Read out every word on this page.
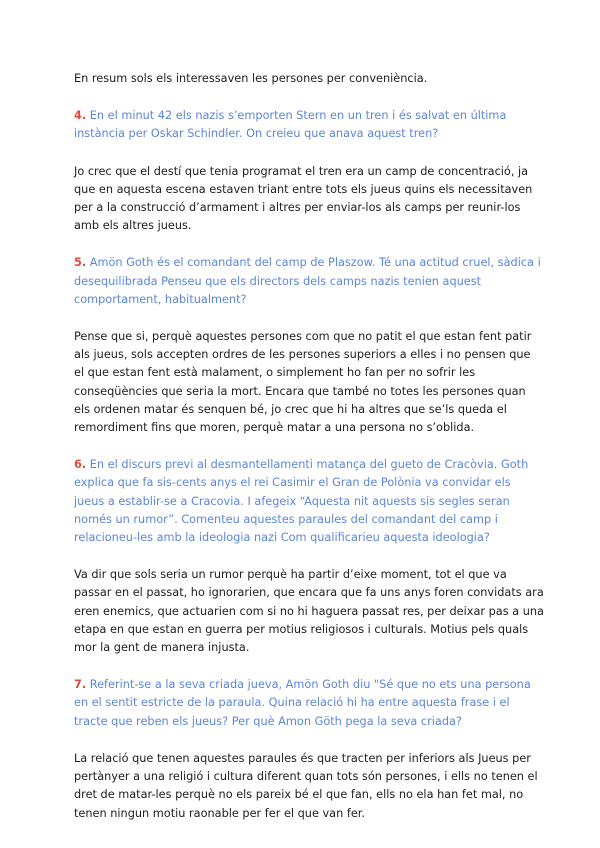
En resum sols els interessaven les persones per conveniència.

4. En el minut 42 els nazis s’emporten Stern en un tren i és salvat en última instància per Oskar Schindler. On creieu que anava aquest tren?

Jo crec que el destí que tenia programat el tren era un camp de concentració, ja que en aquesta escena estaven triant entre tots els jueus quins els necessitaven per a la construcció d’armament i altres per enviar-los als camps per reunir-los amb els altres jueus.

5. Amön Goth és el comandant del camp de Plaszow. Té una actitud cruel, sàdica i desequilibrada Penseu que els directors dels camps nazis tenien aquest comportament, habitualment?

Pense que si, perquè aquestes persones com que no patit el que estan fent patir als jueus, sols accepten ordres de les persones superiors a elles i no pensen que el que estan fent està malament, o simplement ho fan per no sofrir les conseqüències que seria la mort. Encara que també no totes les persones quan els ordenen matar és senquen bé, jo crec que hi ha altres que se’ls queda el remordiment fins que moren, perquè matar a una persona no s’oblida.

6. En el discurs previ al desmantellamenti matança del gueto de Cracòvia. Goth explica que fa sis-cents anys el rei Casimir el Gran de Polònia va convidar els jueus a establir-se a Cracovia. I afegeix “Aquesta nit aquests sis segles seran només un rumor”. Comenteu aquestes paraules del comandant del camp i relacioneu-les amb la ideologia nazi Com qualificarieu aquesta ideologia?

Va dir que sols seria un rumor perquè ha partir d’eixe moment, tot el que va passar en el passat, ho ignorarien, que encara que fa uns anys foren convidats ara eren enemics, que actuarien com si no hi haguera passat res, per deixar pas a una etapa en que estan en guerra per motius religiosos i culturals. Motius pels quals mor la gent de manera injusta.

7. Referint-se a la seva criada jueva, Amön Goth diu "Sé que no ets una persona en el sentit estricte de la paraula. Quina relació hi ha entre aquesta frase i el tracte que reben els jueus? Per què Amon Göth pega la seva criada?

La relació que tenen aquestes paraules és que tracten per inferiors als Jueus per pertànyer a una religió i cultura diferent quan tots són persones, i ells no tenen el dret de matar-les perquè no els pareix bé el que fan, ells no ela han fet mal, no tenen ningun motiu raonable per fer el que van fer.
